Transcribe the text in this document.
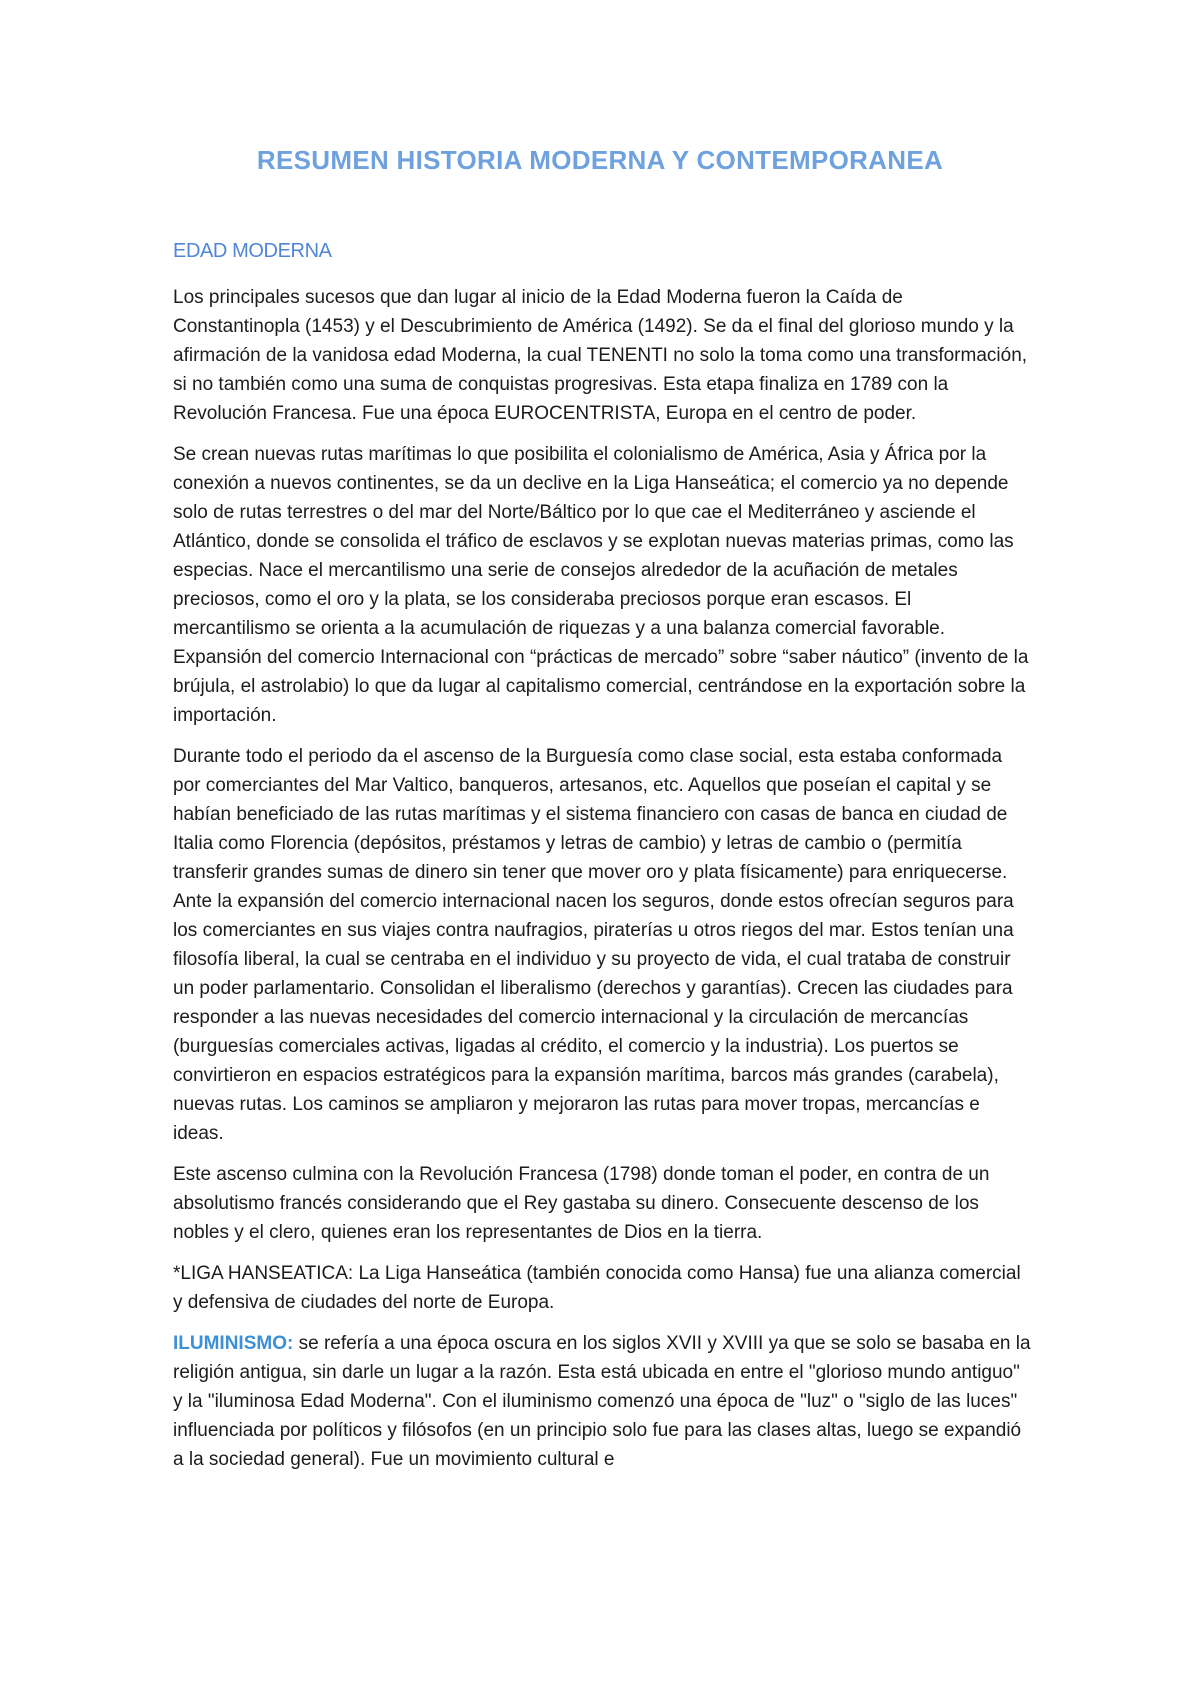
RESUMEN HISTORIA MODERNA Y CONTEMPORANEA
EDAD MODERNA

Los principales sucesos que dan lugar al inicio de la Edad Moderna fueron la Caída de Constantinopla (1453) y el Descubrimiento de América (1492). Se da el final del glorioso mundo y la afirmación de la vanidosa edad Moderna, la cual TENENTI no solo la toma como una transformación, si no también como una suma de conquistas progresivas. Esta etapa finaliza en 1789 con la Revolución Francesa. Fue una época EUROCENTRISTA, Europa en el centro de poder.

Se crean nuevas rutas marítimas lo que posibilita el colonialismo de América, Asia y África por la conexión a nuevos continentes, se da un declive en la Liga Hanseática; el comercio ya no depende solo de rutas terrestres o del mar del Norte/Báltico por lo que cae el Mediterráneo y asciende el Atlántico, donde se consolida el tráfico de esclavos y se explotan nuevas materias primas, como las especias. Nace el mercantilismo una serie de consejos alrededor de la acuñación de metales preciosos, como el oro y la plata, se los consideraba preciosos porque eran escasos. El mercantilismo se orienta a la acumulación de riquezas y a una balanza comercial favorable. Expansión del comercio Internacional con “prácticas de mercado” sobre “saber náutico” (invento de la brújula, el astrolabio) lo que da lugar al capitalismo comercial, centrándose en la exportación sobre la importación.

Durante todo el periodo da el ascenso de la Burguesía como clase social, esta estaba conformada por comerciantes del Mar Valtico, banqueros, artesanos, etc. Aquellos que poseían el capital y se habían beneficiado de las rutas marítimas y el sistema financiero con casas de banca en ciudad de Italia como Florencia (depósitos, préstamos y letras de cambio) y letras de cambio o (permitía transferir grandes sumas de dinero sin tener que mover oro y plata físicamente) para enriquecerse. Ante la expansión del comercio internacional nacen los seguros, donde estos ofrecían seguros para los comerciantes en sus viajes contra naufragios, piraterías u otros riegos del mar. Estos tenían una filosofía liberal, la cual se centraba en el individuo y su proyecto de vida, el cual trataba de construir un poder parlamentario. Consolidan el liberalismo (derechos y garantías). Crecen las ciudades para responder a las nuevas necesidades del comercio internacional y la circulación de mercancías (burguesías comerciales activas, ligadas al crédito, el comercio y la industria). Los puertos se convirtieron en espacios estratégicos para la expansión marítima, barcos más grandes (carabela), nuevas rutas. Los caminos se ampliaron y mejoraron las rutas para mover tropas, mercancías e ideas.

Este ascenso culmina con la Revolución Francesa (1798) donde toman el poder, en contra de un absolutismo francés considerando que el Rey gastaba su dinero. Consecuente descenso de los nobles y el clero, quienes eran los representantes de Dios en la tierra.

*LIGA HANSEATICA: La Liga Hanseática (también conocida como Hansa) fue una alianza comercial y defensiva de ciudades del norte de Europa.

ILUMINISMO: se refería a una época oscura en los siglos XVII y XVIII ya que se solo se basaba en la religión antigua, sin darle un lugar a la razón. Esta está ubicada en entre el "glorioso mundo antiguo" y la "iluminosa Edad Moderna". Con el iluminismo comenzó una época de "luz" o "siglo de las luces" influenciada por políticos y filósofos (en un principio solo fue para las clases altas, luego se expandió a la sociedad general). Fue un movimiento cultural e
